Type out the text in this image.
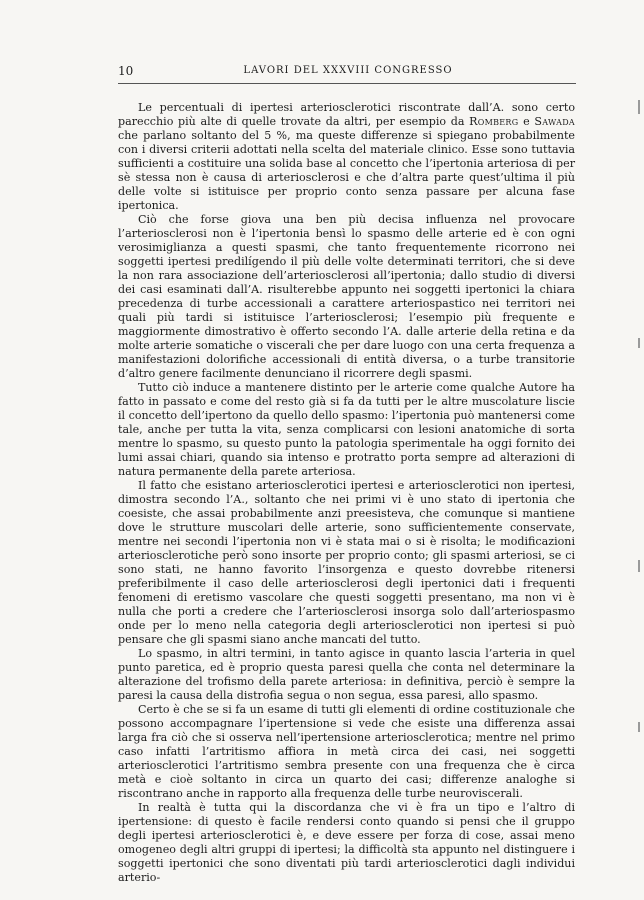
10	LAVORI DEL XXXVIII CONGRESSO

Le percentuali di ipertesi arteriosclerotici riscontrate dall’A. sono certo parecchio più alte di quelle trovate da altri, per esempio da Romberg e Sawada che parlano soltanto del 5 %, ma queste differenze si spiegano probabilmente con i diversi criterii adottati nella scelta del materiale clinico. Esse sono tuttavia sufficienti a costituire una solida base al concetto che l’ipertonia arteriosa di per sè stessa non è causa di arteriosclerosi e che d’altra parte quest’ultima il più delle volte si istituisce per proprio conto senza passare per alcuna fase ipertonica.

Ciò che forse giova una ben più decisa influenza nel provocare l’arteriosclerosi non è l’ipertonia bensì lo spasmo delle arterie ed è con ogni verosimiglianza a questi spasmi, che tanto frequentemente ricorrono nei soggetti ipertesi predilígendo il più delle volte determinati territori, che si deve la non rara associazione dell’arteriosclerosi all’ipertonia; dallo studio di diversi dei casi esaminati dall’A. risulterebbe appunto nei soggetti ipertonici la chiara precedenza di turbe accessionali a carattere arteriospastico nei territori nei quali più tardi si istituisce l’arteriosclerosi; l’esempio più frequente e maggiormente dimostrativo è offerto secondo l’A. dalle arterie della retina e da molte arterie somatiche o viscerali che per dare luogo con una certa frequenza a manifestazioni dolorifiche accessionali di entità diversa, o a turbe transitorie d’altro genere facilmente denunciano il ricorrere degli spasmi.

Tutto ciò induce a mantenere distinto per le arterie come qualche Autore ha fatto in passato e come del resto già si fa da tutti per le altre muscolature liscie il concetto dell’ipertono da quello dello spasmo: l’ipertonia può mantenersi come tale, anche per tutta la vita, senza complicarsi con lesioni anatomiche di sorta mentre lo spasmo, su questo punto la patologia sperimentale ha oggi fornito dei lumi assai chiari, quando sia intenso e protratto porta sempre ad alterazioni di natura permanente della parete arteriosa.

Il fatto che esistano arteriosclerotici ipertesi e arteriosclerotici non ipertesi, dimostra secondo l’A., soltanto che nei primi vi è uno stato di ipertonia che coesiste, che assai probabilmente anzi preesisteva, che comunque si mantiene dove le strutture muscolari delle arterie, sono sufficientemente conservate, mentre nei secondi l’ipertonia non vi è stata mai o si è risolta; le modificazioni arteriosclerotiche però sono insorte per proprio conto; gli spasmi arteriosi, se ci sono stati, ne hanno favorito l’insorgenza e questo dovrebbe ritenersi preferibilmente il caso delle arteriosclerosi degli ipertonici dati i frequenti fenomeni di eretismo vascolare che questi soggetti presentano, ma non vi è nulla che porti a credere che l’arteriosclerosi insorga solo dall’arteriospasmo onde per lo meno nella categoria degli arteriosclerotici non ipertesi si può pensare che gli spasmi siano anche mancati del tutto.

Lo spasmo, in altri termini, in tanto agisce in quanto lascia l’arteria in quel punto paretica, ed è proprio questa paresi quella che conta nel determinare la alterazione del trofismo della parete arteriosa: in definitiva, perciò è sempre la paresi la causa della distrofia segua o non segua, essa paresi, allo spasmo.

Certo è che se si fa un esame di tutti gli elementi di ordine costituzionale che possono accompagnare l’ipertensione si vede che esiste una differenza assai larga fra ciò che si osserva nell’ipertensione arteriosclerotica; mentre nel primo caso infatti l’artritismo affiora in metà circa dei casi, nei soggetti arteriosclerotici l’artritismo sembra presente con una frequenza che è circa metà e cioè soltanto in circa un quarto dei casi; differenze analoghe si riscontrano anche in rapporto alla frequenza delle turbe neuroviscerali.

In realtà è tutta qui la discordanza che vi è fra un tipo e l’altro di ipertensione: di questo è facile rendersi conto quando si pensi che il gruppo degli ipertesi arteriosclerotici è, e deve essere per forza di cose, assai meno omogeneo degli altri gruppi di ipertesi; la difficoltà sta appunto nel distinguere i soggetti ipertonici che sono diventati più tardi arteriosclerotici dagli individui arterio-
